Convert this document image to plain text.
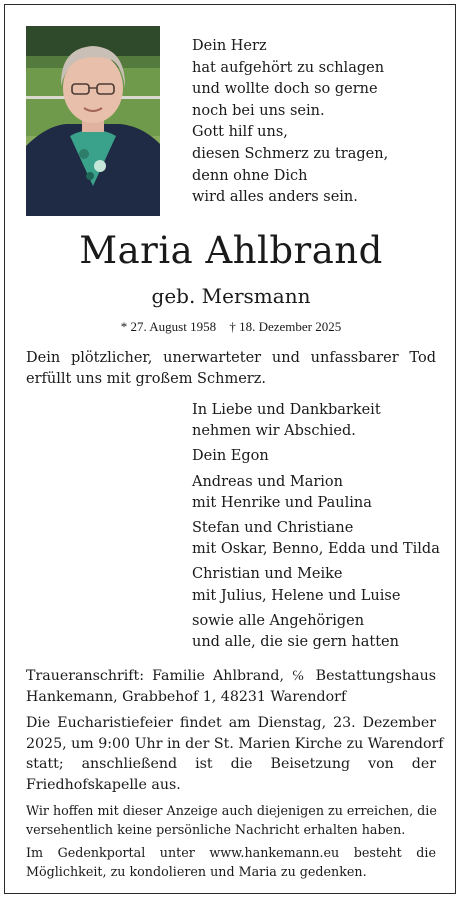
Dein Herz
hat aufgehört zu schlagen
und wollte doch so gerne
noch bei uns sein.
Gott hilf uns,
diesen Schmerz zu tragen,
denn ohne Dich
wird alles anders sein.
Maria Ahlbrand
geb. Mersmann
* 27. August 1958 † 18. Dezember 2025
Dein plötzlicher, unerwarteter und unfassbarer Tod erfüllt uns mit großem Schmerz.
In Liebe und Dankbarkeit
nehmen wir Abschied.
Dein Egon
Andreas und Marion
mit Henrike und Paulina
Stefan und Christiane
mit Oskar, Benno, Edda und Tilda
Christian und Meike
mit Julius, Helene und Luise
sowie alle Angehörigen
und alle, die sie gern hatten
Traueranschrift: Familie Ahlbrand, ℅ Bestattungshaus
Hankemann, Grabbehof 1, 48231 Warendorf
Die Eucharistiefeier findet am Dienstag, 23. Dezember
2025, um 9:00 Uhr in der St. Marien Kirche zu Warendorf
statt; anschließend ist die Beisetzung von der
Friedhofskapelle aus.
Wir hoffen mit dieser Anzeige auch diejenigen zu erreichen, die
versehentlich keine persönliche Nachricht erhalten haben.
Im Gedenkportal unter www.hankemann.eu besteht die
Möglichkeit, zu kondolieren und Maria zu gedenken.
